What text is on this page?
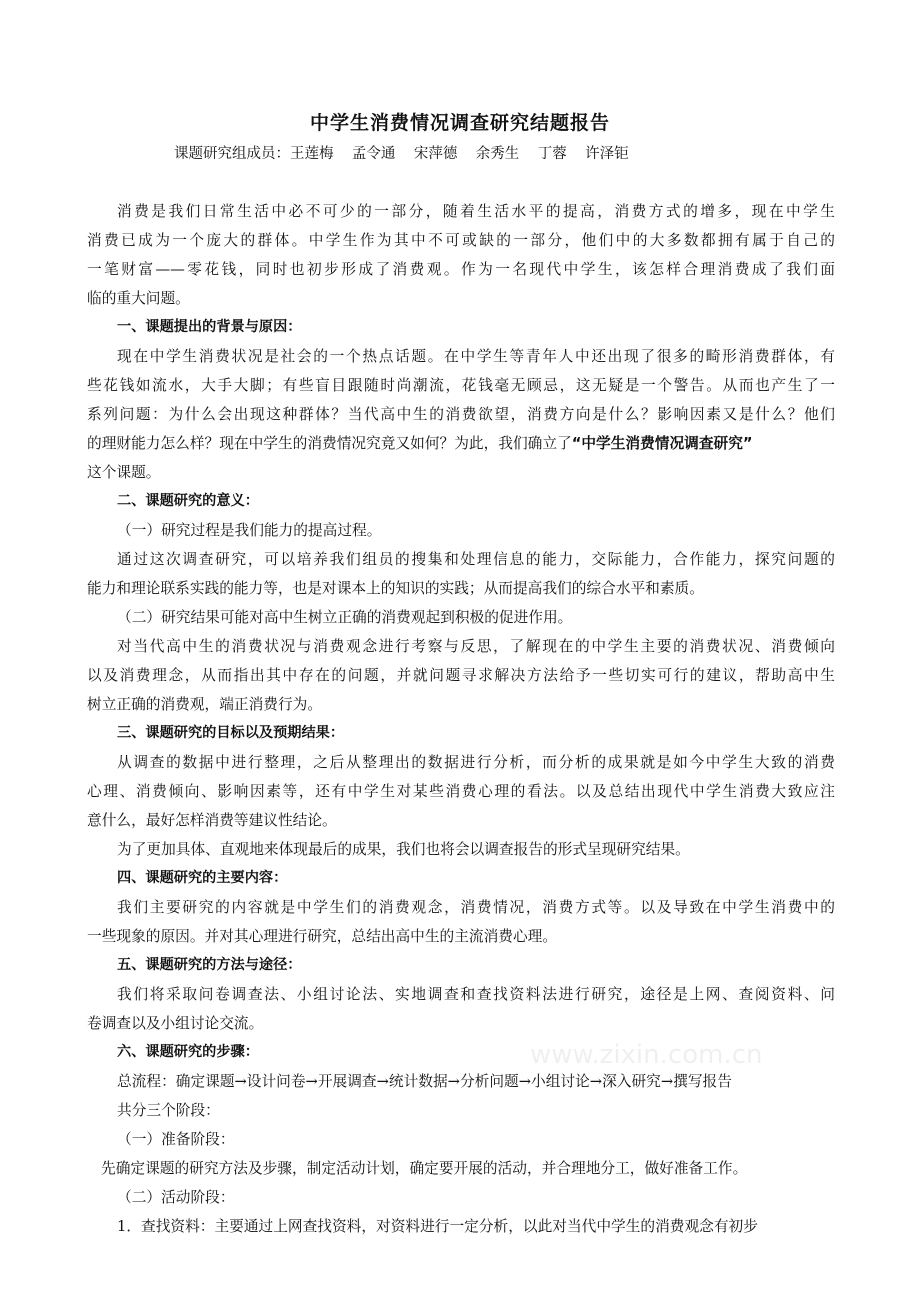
中学生消费情况调查研究结题报告
课题研究组成员：王莲梅    孟令通    宋萍德    余秀生    丁蓉    许泽钜
消费是我们日常生活中必不可少的一部分，随着生活水平的提高，消费方式的增多，现在中学生
消费已成为一个庞大的群体。中学生作为其中不可或缺的一部分，他们中的大多数都拥有属于自己的
一笔财富——零花钱，同时也初步形成了消费观。作为一名现代中学生，该怎样合理消费成了我们面
临的重大问题。
一、课题提出的背景与原因：
现在中学生消费状况是社会的一个热点话题。在中学生等青年人中还出现了很多的畸形消费群体，有
些花钱如流水，大手大脚；有些盲目跟随时尚潮流，花钱毫无顾忌，这无疑是一个警告。从而也产生了一
系列问题：为什么会出现这种群体？当代高中生的消费欲望，消费方向是什么？影响因素又是什么？他们
的理财能力怎么样？现在中学生的消费情况究竟又如何？为此，我们确立了“中学生消费情况调查研究”
这个课题。
二、课题研究的意义：
（一）研究过程是我们能力的提高过程。
通过这次调查研究，可以培养我们组员的搜集和处理信息的能力，交际能力，合作能力，探究问题的
能力和理论联系实践的能力等，也是对课本上的知识的实践；从而提高我们的综合水平和素质。
（二）研究结果可能对高中生树立正确的消费观起到积极的促进作用。
对当代高中生的消费状况与消费观念进行考察与反思，了解现在的中学生主要的消费状况、消费倾向
以及消费理念，从而指出其中存在的问题，并就问题寻求解决方法给予一些切实可行的建议，帮助高中生
树立正确的消费观，端正消费行为。
三、课题研究的目标以及预期结果：
从调查的数据中进行整理，之后从整理出的数据进行分析，而分析的成果就是如今中学生大致的消费
心理、消费倾向、影响因素等，还有中学生对某些消费心理的看法。以及总结出现代中学生消费大致应注
意什么，最好怎样消费等建议性结论。
为了更加具体、直观地来体现最后的成果，我们也将会以调查报告的形式呈现研究结果。
四、课题研究的主要内容：
我们主要研究的内容就是中学生们的消费观念，消费情况，消费方式等。以及导致在中学生消费中的
一些现象的原因。并对其心理进行研究，总结出高中生的主流消费心理。
五、课题研究的方法与途径：
我们将采取问卷调查法、小组讨论法、实地调查和查找资料法进行研究，途径是上网、查阅资料、问
卷调查以及小组讨论交流。
六、课题研究的步骤：
总流程：确定课题→设计问卷→开展调查→统计数据→分析问题→小组讨论→深入研究→撰写报告
共分三个阶段：
（一）准备阶段：
先确定课题的研究方法及步骤，制定活动计划，确定要开展的活动，并合理地分工，做好准备工作。
（二）活动阶段：
1．查找资料：主要通过上网查找资料，对资料进行一定分析，以此对当代中学生的消费观念有初步
www.zixin.com.cn
